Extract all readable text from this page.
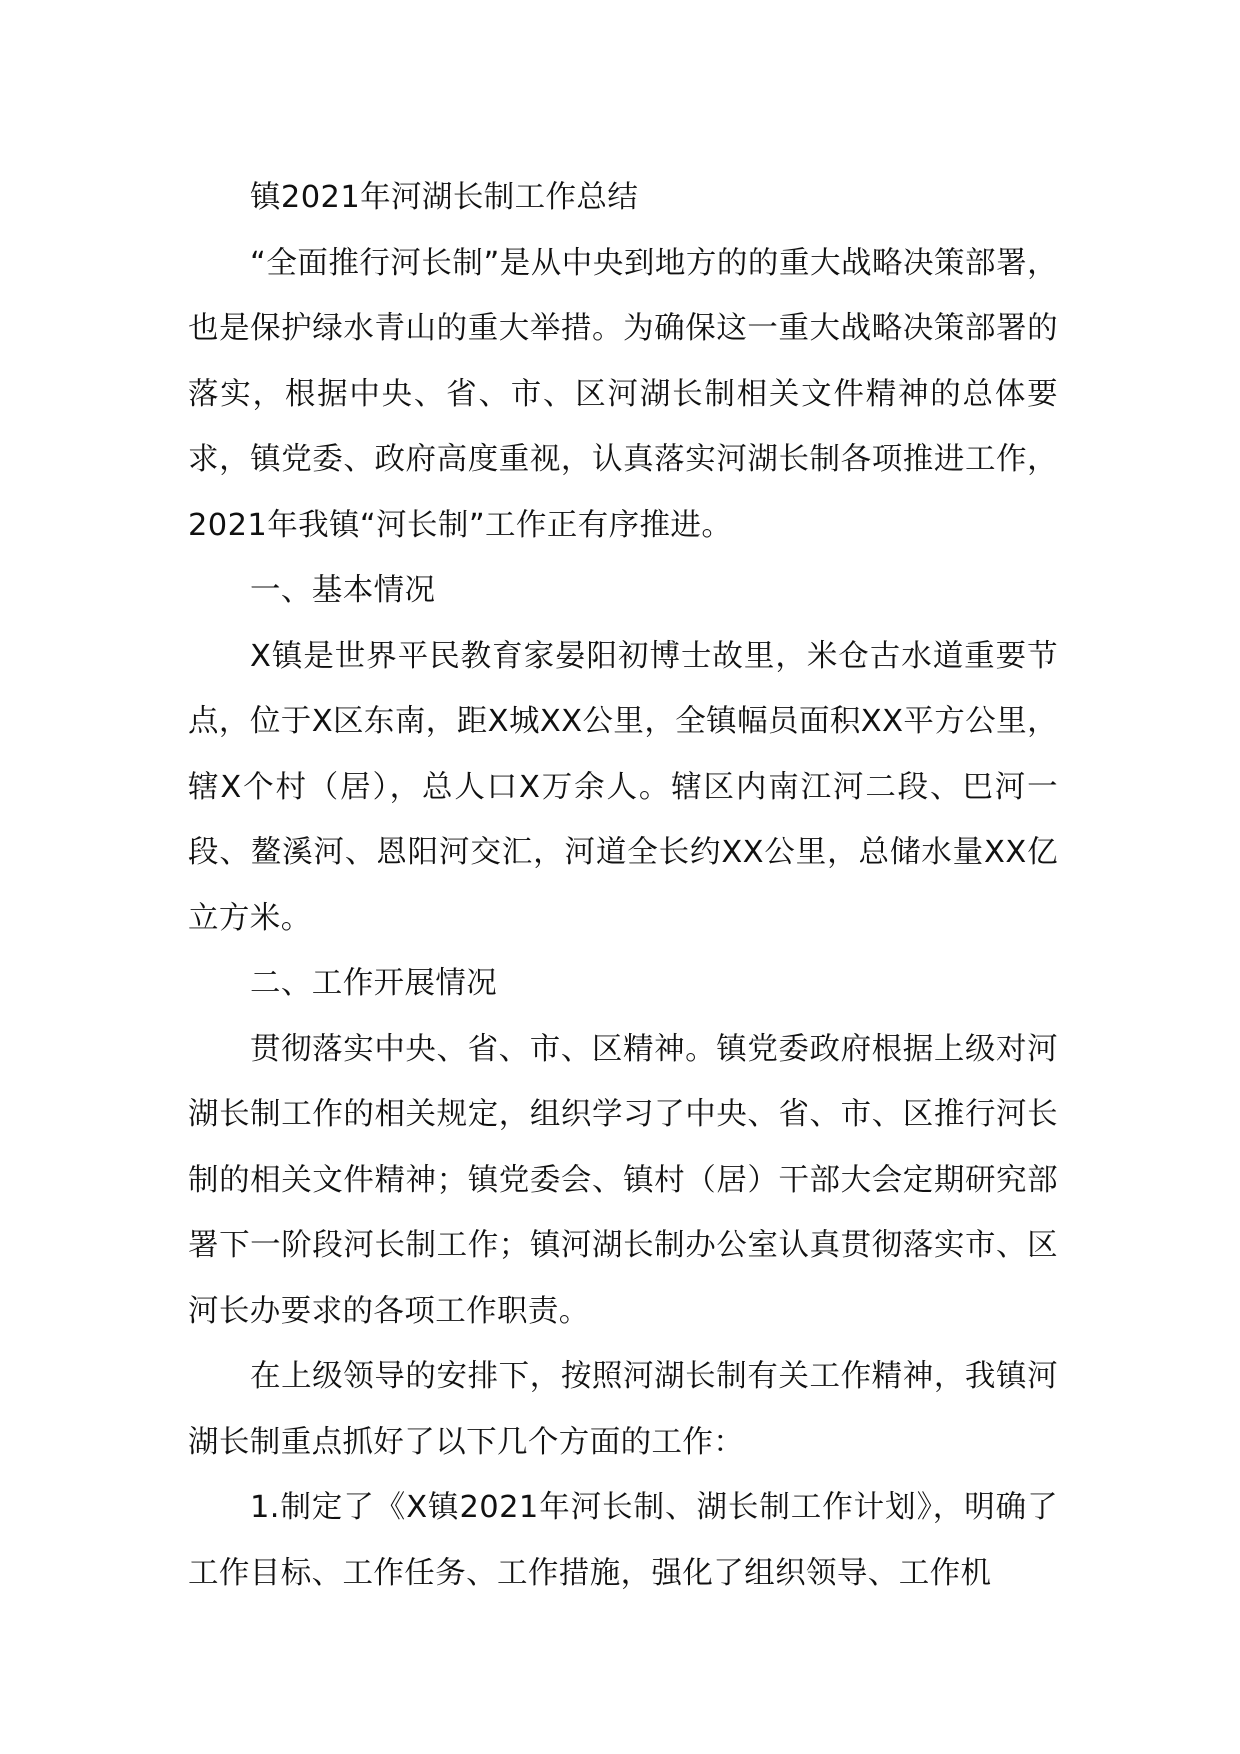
镇2021年河湖长制工作总结

“全面推行河长制”是从中央到地方的的重大战略决策部署，也是保护绿水青山的重大举措。为确保这一重大战略决策部署的落实，根据中央、省、市、区河湖长制相关文件精神的总体要求，镇党委、政府高度重视，认真落实河湖长制各项推进工作，2021年我镇“河长制”工作正有序推进。

一、基本情况

X镇是世界平民教育家晏阳初博士故里，米仓古水道重要节点，位于X区东南，距X城XX公里，全镇幅员面积XX平方公里，辖X个村（居），总人口X万余人。辖区内南江河二段、巴河一段、鳌溪河、恩阳河交汇，河道全长约XX公里，总储水量XX亿立方米。

二、工作开展情况

贯彻落实中央、省、市、区精神。镇党委政府根据上级对河湖长制工作的相关规定，组织学习了中央、省、市、区推行河长制的相关文件精神；镇党委会、镇村（居）干部大会定期研究部署下一阶段河长制工作；镇河湖长制办公室认真贯彻落实市、区河长办要求的各项工作职责。

在上级领导的安排下，按照河湖长制有关工作精神，我镇河湖长制重点抓好了以下几个方面的工作：

1.制定了《X镇2021年河长制、湖长制工作计划》，明确了工作目标、工作任务、工作措施，强化了组织领导、工作机
